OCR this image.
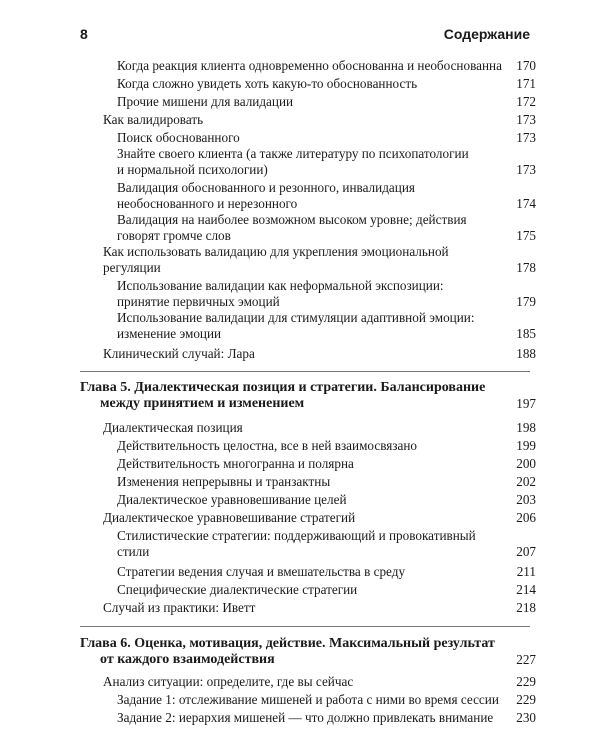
8	Содержание
Когда реакция клиента одновременно обоснованна и необоснованна 170
Когда сложно увидеть хоть какую-то обоснованность	171
Прочие мишени для валидации	172
Как валидировать	173
Поиск обоснованного	173
Знайте своего клиента (а также литературу по психопатологии
и нормальной психологии)	173
Валидация обоснованного и резонного, инвалидация
необоснованного и нерезонного	174
Валидация на наиболее возможном высоком уровне; действия
говорят громче слов	175
Как использовать валидацию для укрепления эмоциональной
регуляции	178
Использование валидации как неформальной экспозиции:
принятие первичных эмоций	179
Использование валидации для стимуляции адаптивной эмоции:
изменение эмоции	185
Клинический случай: Лара	188
Глава 5. Диалектическая позиция и стратегии. Балансирование
между принятием и изменением	197
Диалектическая позиция	198
Действительность целостна, все в ней взаимосвязано	199
Действительность многогранна и полярна	200
Изменения непрерывны и транзактны	202
Диалектическое уравновешивание целей	203
Диалектическое уравновешивание стратегий	206
Стилистические стратегии: поддерживающий и провокативный
стили	207
Стратегии ведения случая и вмешательства в среду	211
Специфические диалектические стратегии	214
Случай из практики: Иветт	218
Глава 6. Оценка, мотивация, действие. Максимальный результат
от каждого взаимодействия	227
Анализ ситуации: определите, где вы сейчас	229
Задание 1: отслеживание мишеней и работа с ними во время сессии 229
Задание 2: иерархия мишеней — что должно привлекать внимание 230
